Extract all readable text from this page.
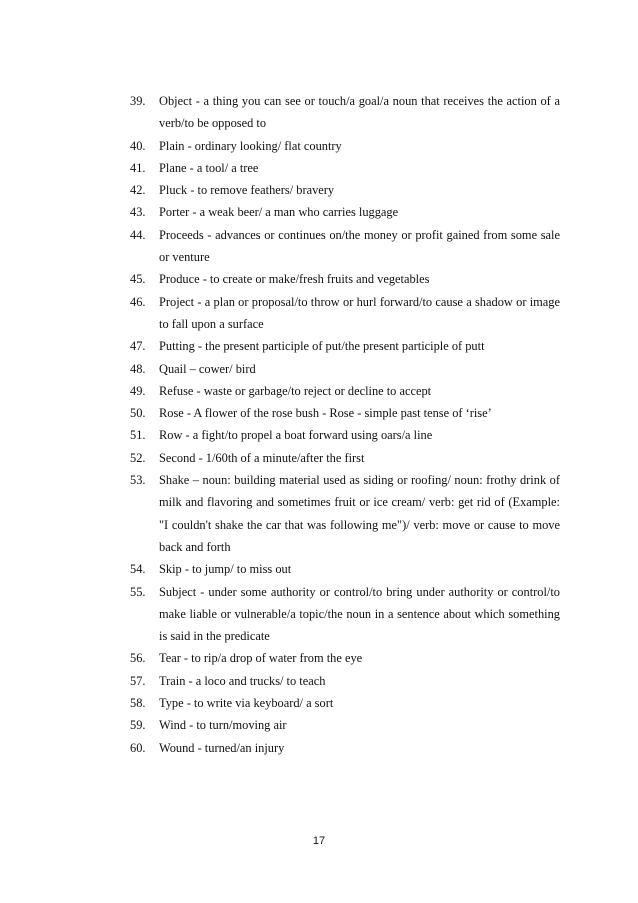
39. Object - a thing you can see or touch/a goal/a noun that receives the action of a verb/to be opposed to
40. Plain - ordinary looking/ flat country
41. Plane - a tool/ a tree
42. Pluck - to remove feathers/ bravery
43. Porter - a weak beer/ a man who carries luggage
44. Proceeds - advances or continues on/the money or profit gained from some sale or venture
45. Produce - to create or make/fresh fruits and vegetables
46. Project - a plan or proposal/to throw or hurl forward/to cause a shadow or image to fall upon a surface
47. Putting - the present participle of put/the present participle of putt
48. Quail – cower/ bird
49. Refuse - waste or garbage/to reject or decline to accept
50. Rose - A flower of the rose bush - Rose - simple past tense of ‘rise’
51. Row - a fight/to propel a boat forward using oars/a line
52. Second - 1/60th of a minute/after the first
53. Shake – noun: building material used as siding or roofing/ noun: frothy drink of milk and flavoring and sometimes fruit or ice cream/ verb: get rid of (Example: "I couldn't shake the car that was following me")/ verb: move or cause to move back and forth
54. Skip - to jump/ to miss out
55. Subject - under some authority or control/to bring under authority or control/to make liable or vulnerable/a topic/the noun in a sentence about which something is said in the predicate
56. Tear - to rip/a drop of water from the eye
57. Train - a loco and trucks/ to teach
58. Type - to write via keyboard/ a sort
59. Wind - to turn/moving air
60. Wound - turned/an injury
17
